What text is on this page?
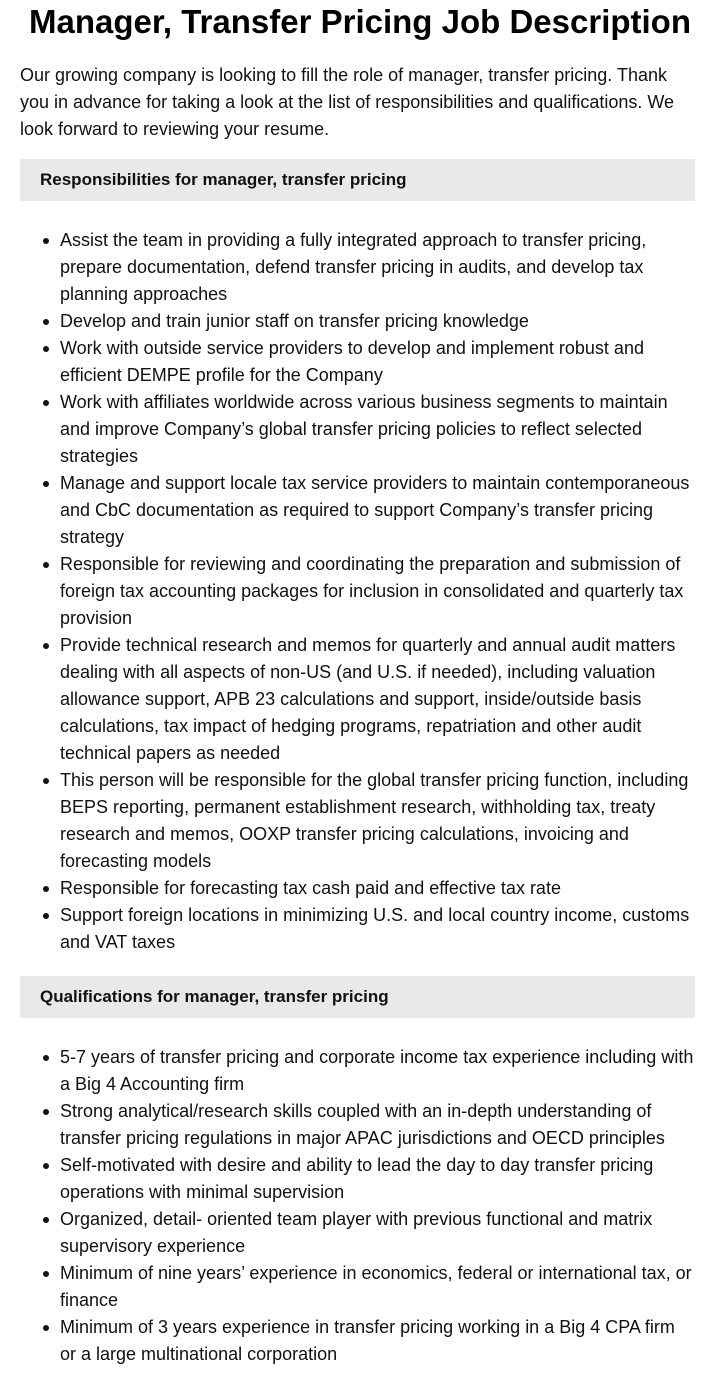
Manager, Transfer Pricing Job Description

Our growing company is looking to fill the role of manager, transfer pricing. Thank you in advance for taking a look at the list of responsibilities and qualifications. We look forward to reviewing your resume.

Responsibilities for manager, transfer pricing
Assist the team in providing a fully integrated approach to transfer pricing, prepare documentation, defend transfer pricing in audits, and develop tax planning approaches
Develop and train junior staff on transfer pricing knowledge
Work with outside service providers to develop and implement robust and efficient DEMPE profile for the Company
Work with affiliates worldwide across various business segments to maintain and improve Company’s global transfer pricing policies to reflect selected strategies
Manage and support locale tax service providers to maintain contemporaneous and CbC documentation as required to support Company’s transfer pricing strategy
Responsible for reviewing and coordinating the preparation and submission of foreign tax accounting packages for inclusion in consolidated and quarterly tax provision
Provide technical research and memos for quarterly and annual audit matters dealing with all aspects of non-US (and U.S. if needed), including valuation allowance support, APB 23 calculations and support, inside/outside basis calculations, tax impact of hedging programs, repatriation and other audit technical papers as needed
This person will be responsible for the global transfer pricing function, including BEPS reporting, permanent establishment research, withholding tax, treaty research and memos, OOXP transfer pricing calculations, invoicing and forecasting models
Responsible for forecasting tax cash paid and effective tax rate
Support foreign locations in minimizing U.S. and local country income, customs and VAT taxes
Qualifications for manager, transfer pricing
5-7 years of transfer pricing and corporate income tax experience including with a Big 4 Accounting firm
Strong analytical/research skills coupled with an in-depth understanding of transfer pricing regulations in major APAC jurisdictions and OECD principles
Self-motivated with desire and ability to lead the day to day transfer pricing operations with minimal supervision
Organized, detail- oriented team player with previous functional and matrix supervisory experience
Minimum of nine years’ experience in economics, federal or international tax, or finance
Minimum of 3 years experience in transfer pricing working in a Big 4 CPA firm or a large multinational corporation
